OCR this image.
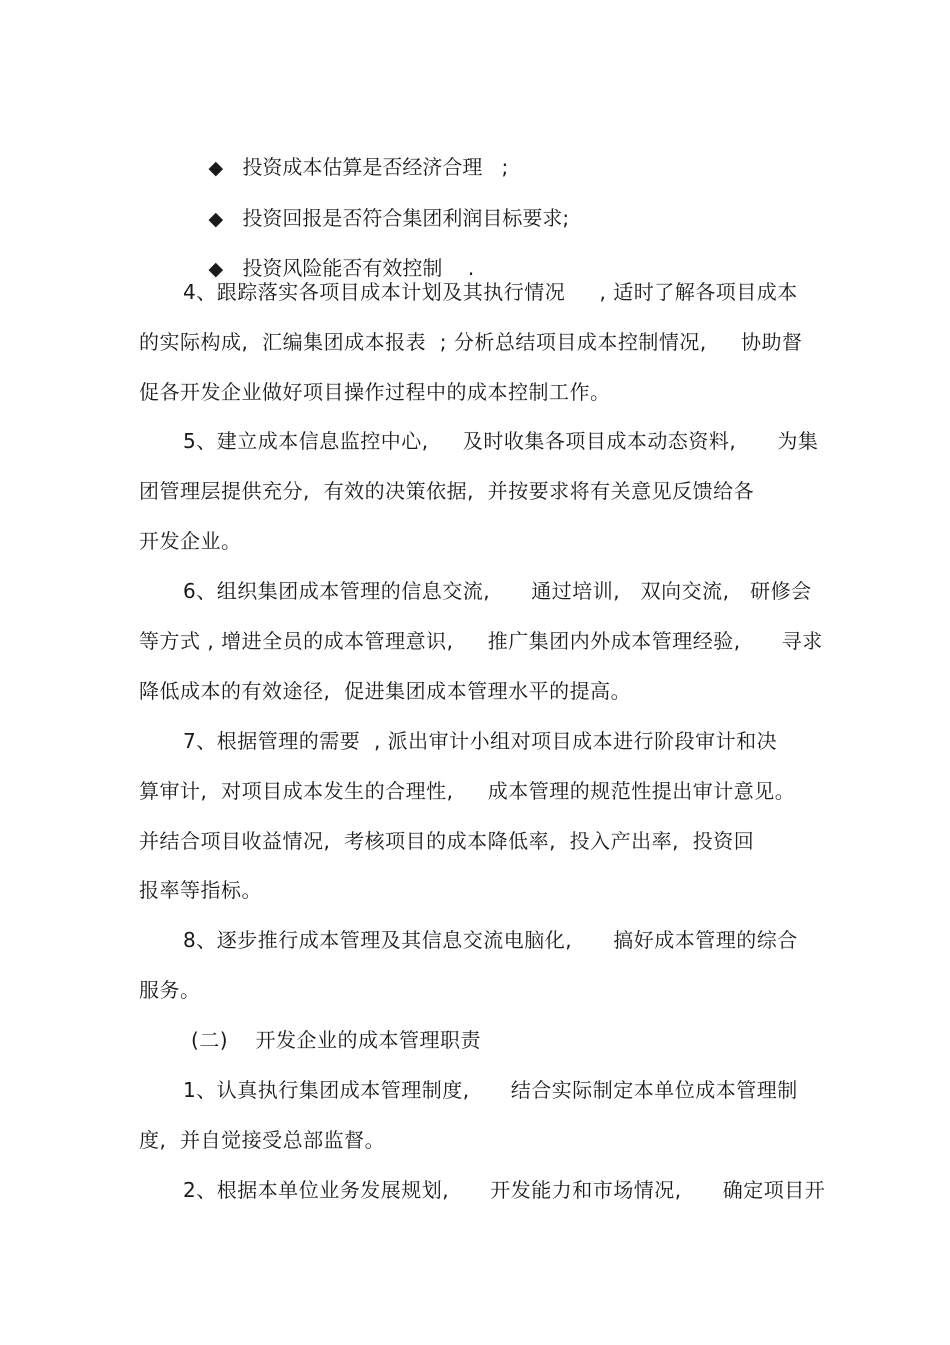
◆ 投资成本估算是否经济合理   ;

◆ 投资回报是否符合集团利润目标要求;

◆ 投资风险能否有效控制    .

4、跟踪落实各项目成本计划及其执行情况     , 适时了解各项目成本
的实际构成,  汇编集团成本报表  ; 分析总结项目成本控制情况,     协助督
促各开发企业做好项目操作过程中的成本控制工作。
5、建立成本信息监控中心,     及时收集各项目成本动态资料,      为集
团管理层提供充分,  有效的决策依据,  并按要求将有关意见反馈给各
开发企业。
6、组织集团成本管理的信息交流,      通过培训,   双向交流,   研修会
等方式 , 增进全员的成本管理意识,     推广集团内外成本管理经验,      寻求
降低成本的有效途径,  促进集团成本管理水平的提高。
7、根据管理的需要  , 派出审计小组对项目成本进行阶段审计和决
算审计,  对项目成本发生的合理性,     成本管理的规范性提出审计意见。
并结合项目收益情况,  考核项目的成本降低率,  投入产出率,  投资回
报率等指标。
8、逐步推行成本管理及其信息交流电脑化,      搞好成本管理的综合
服务。
(二)    开发企业的成本管理职责
1、认真执行集团成本管理制度,      结合实际制定本单位成本管理制
度,  并自觉接受总部监督。
2、根据本单位业务发展规划,      开发能力和市场情况,      确定项目开
